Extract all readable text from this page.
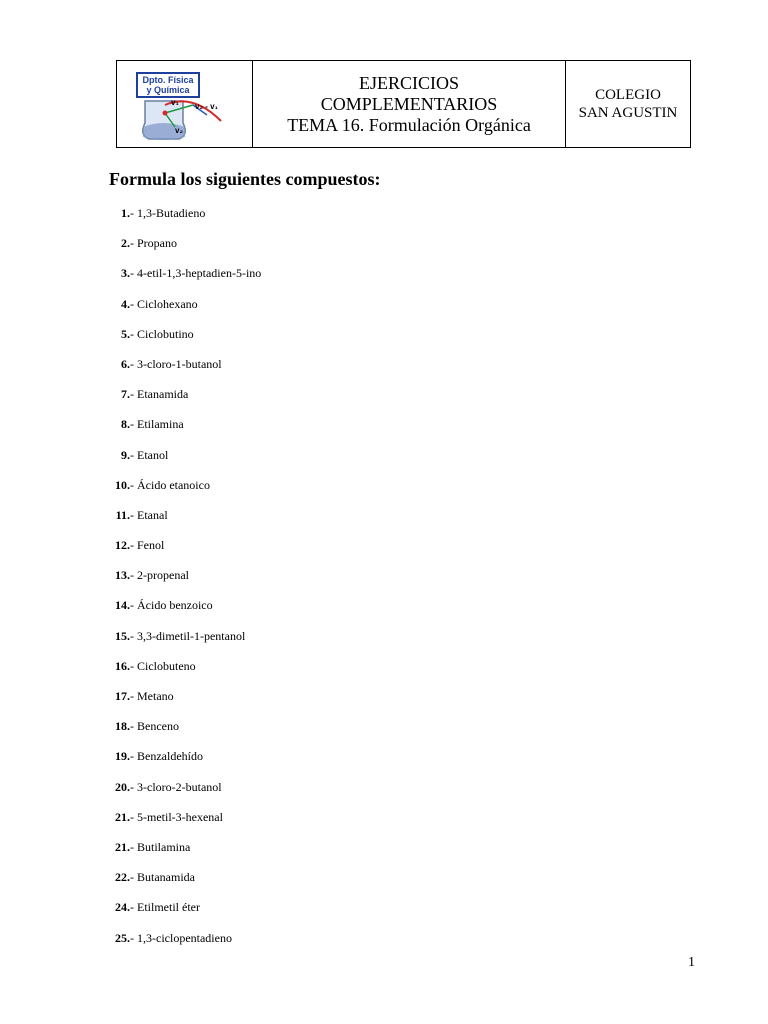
Dpto. Física
y Química
v₁ v₂ - v₁
v₂
EJERCICIOS
COMPLEMENTARIOS
TEMA 16. Formulación Orgánica
COLEGIO
SAN AGUSTIN
Formula los siguientes compuestos:
1.- 1,3-Butadieno
2.- Propano
3.- 4-etil-1,3-heptadien-5-ino
4.- Ciclohexano
5.- Ciclobutino
6.- 3-cloro-1-butanol
7.- Etanamida
8.- Etilamina
9.- Etanol
10.- Ácido etanoico
11.- Etanal
12.- Fenol
13.- 2-propenal
14.- Ácido benzoico
15.- 3,3-dimetil-1-pentanol
16.- Ciclobuteno
17.- Metano
18.- Benceno
19.- Benzaldehído
20.- 3-cloro-2-butanol
21.- 5-metil-3-hexenal
21.- Butilamina
22.- Butanamida
24.- Etilmetil éter
25.- 1,3-ciclopentadieno
1
